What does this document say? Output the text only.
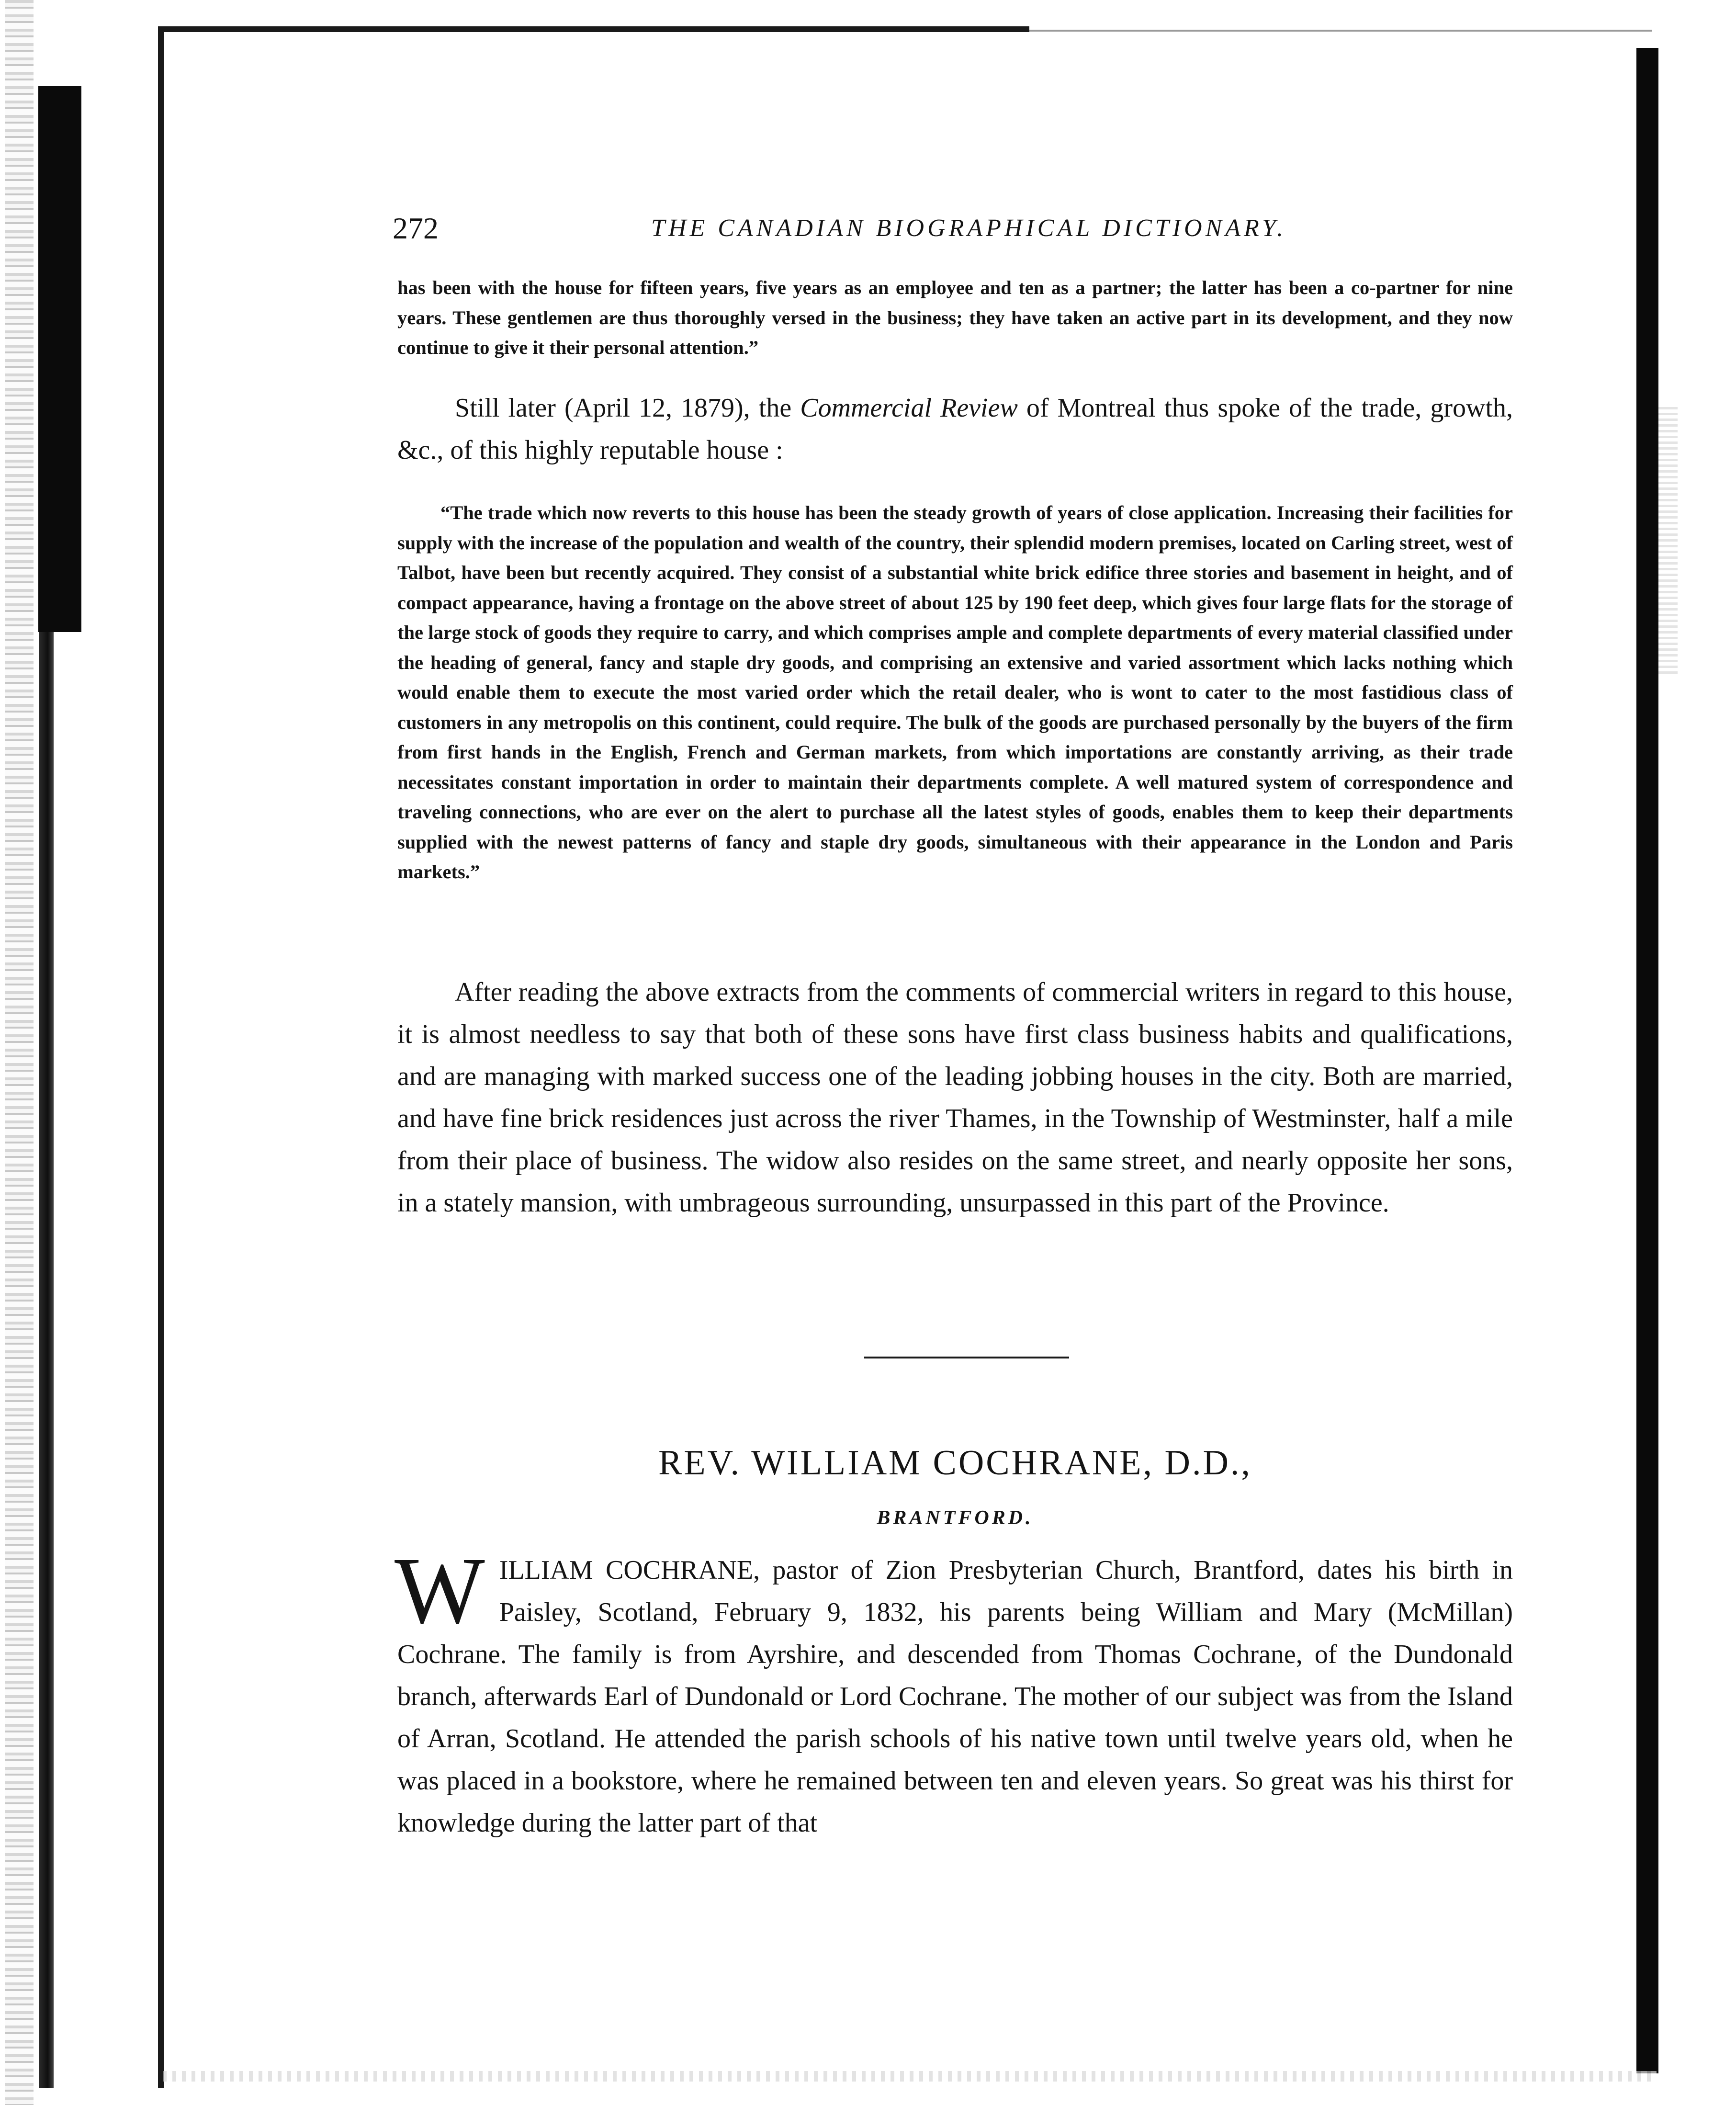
272	THE CANADIAN BIOGRAPHICAL DICTIONARY.

has been with the house for fifteen years, five years as an employee and ten as a partner; the latter has been a co-partner for nine years. These gentlemen are thus thoroughly versed in the business; they have taken an active part in its development, and they now continue to give it their personal attention.”

Still later (April 12, 1879), the Commercial Review of Montreal thus spoke of the trade, growth, &c., of this highly reputable house :

“The trade which now reverts to this house has been the steady growth of years of close application. Increasing their facilities for supply with the increase of the population and wealth of the country, their splendid modern premises, located on Carling street, west of Talbot, have been but recently acquired. They consist of a substantial white brick edifice three stories and basement in height, and of compact appearance, having a frontage on the above street of about 125 by 190 feet deep, which gives four large flats for the storage of the large stock of goods they require to carry, and which comprises ample and complete departments of every material classified under the heading of general, fancy and staple dry goods, and comprising an extensive and varied assortment which lacks nothing which would enable them to execute the most varied order which the retail dealer, who is wont to cater to the most fastidious class of customers in any metropolis on this continent, could require. The bulk of the goods are purchased personally by the buyers of the firm from first hands in the English, French and German markets, from which importations are constantly arriving, as their trade necessitates constant importation in order to maintain their departments complete. A well matured system of correspondence and traveling connections, who are ever on the alert to purchase all the latest styles of goods, enables them to keep their departments supplied with the newest patterns of fancy and staple dry goods, simultaneous with their appearance in the London and Paris markets.”

After reading the above extracts from the comments of commercial writers in regard to this house, it is almost needless to say that both of these sons have first class business habits and qualifications, and are managing with marked success one of the leading jobbing houses in the city. Both are married, and have fine brick residences just across the river Thames, in the Township of Westminster, half a mile from their place of business. The widow also resides on the same street, and nearly opposite her sons, in a stately mansion, with umbrageous surrounding, unsurpassed in this part of the Province.

REV. WILLIAM COCHRANE, D.D.,
BRANTFORD.
W ILLIAM COCHRANE, pastor of Zion Presbyterian Church, Brantford, dates his birth in Paisley, Scotland, February 9, 1832, his parents being William and Mary (McMillan) Cochrane. The family is from Ayrshire, and descended from Thomas Cochrane, of the Dundonald branch, afterwards Earl of Dundonald or Lord Cochrane. The mother of our subject was from the Island of Arran, Scotland. He attended the parish schools of his native town until twelve years old, when he was placed in a bookstore, where he remained between ten and eleven years. So great was his thirst for knowledge during the latter part of that
